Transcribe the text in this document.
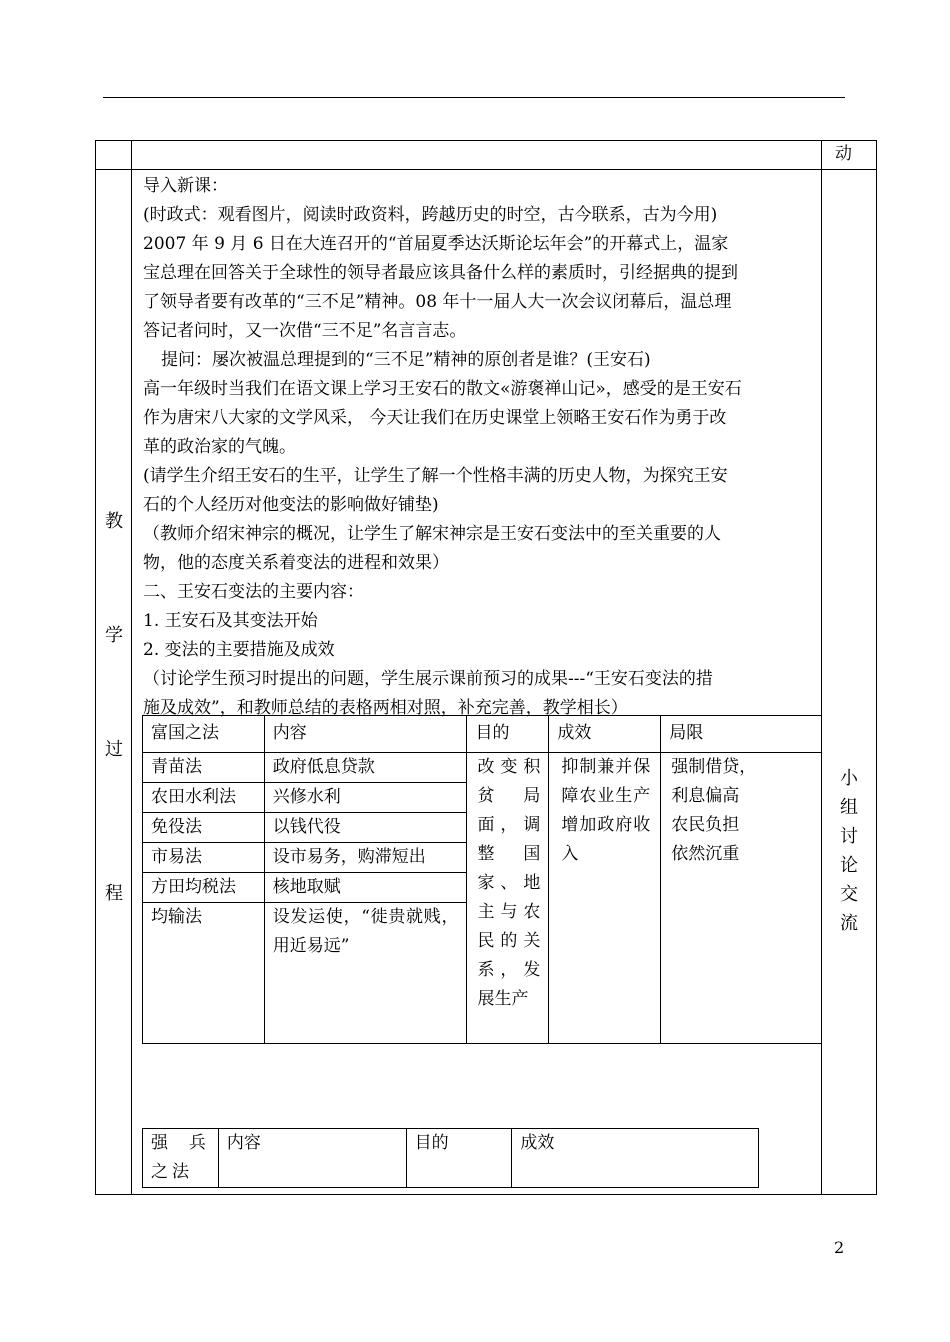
动
教
学
过
程
小
组
讨
论
交
流
导入新课：
(时政式：观看图片，阅读时政资料，跨越历史的时空，古今联系，古为今用)
2007 年 9 月 6 日在大连召开的“首届夏季达沃斯论坛年会”的开幕式上，温家
宝总理在回答关于全球性的领导者最应该具备什么样的素质时，引经据典的提到
了领导者要有改革的“三不足”精神。08 年十一届人大一次会议闭幕后，温总理
答记者问时，又一次借“三不足”名言言志。
提问：屡次被温总理提到的“三不足”精神的原创者是谁？(王安石)
高一年级时当我们在语文课上学习王安石的散文«游褒禅山记»，感受的是王安石
作为唐宋八大家的文学风采， 今天让我们在历史课堂上领略王安石作为勇于改
革的政治家的气魄。
(请学生介绍王安石的生平，让学生了解一个性格丰满的历史人物，为探究王安
石的个人经历对他变法的影响做好铺垫)
（教师介绍宋神宗的概况，让学生了解宋神宗是王安石变法中的至关重要的人
物，他的态度关系着变法的进程和效果）
二、王安石变法的主要内容：
1. 王安石及其变法开始
2. 变法的主要措施及成效
（讨论学生预习时提出的问题，学生展示课前预习的成果---“王安石变法的措
施及成效”，和教师总结的表格两相对照，补充完善，教学相长）
富国之法	内容	目的	成效	局限
青苗法	政府低息贷款	改变积贫局面，调整国家、地主与农民的关系，发展生产	抑制兼并保障农业生产增加政府收入	强制借贷，
利息偏高
农民负担
依然沉重

农田水利法	兴修水利			
免役法	以钱代役			
市易法	设市易务，购滞短出			
方田均税法	核地取赋			
均输法	设发运使，“徙贵就贱，用近易远”			
强兵之法	内容	目的	成效
2
